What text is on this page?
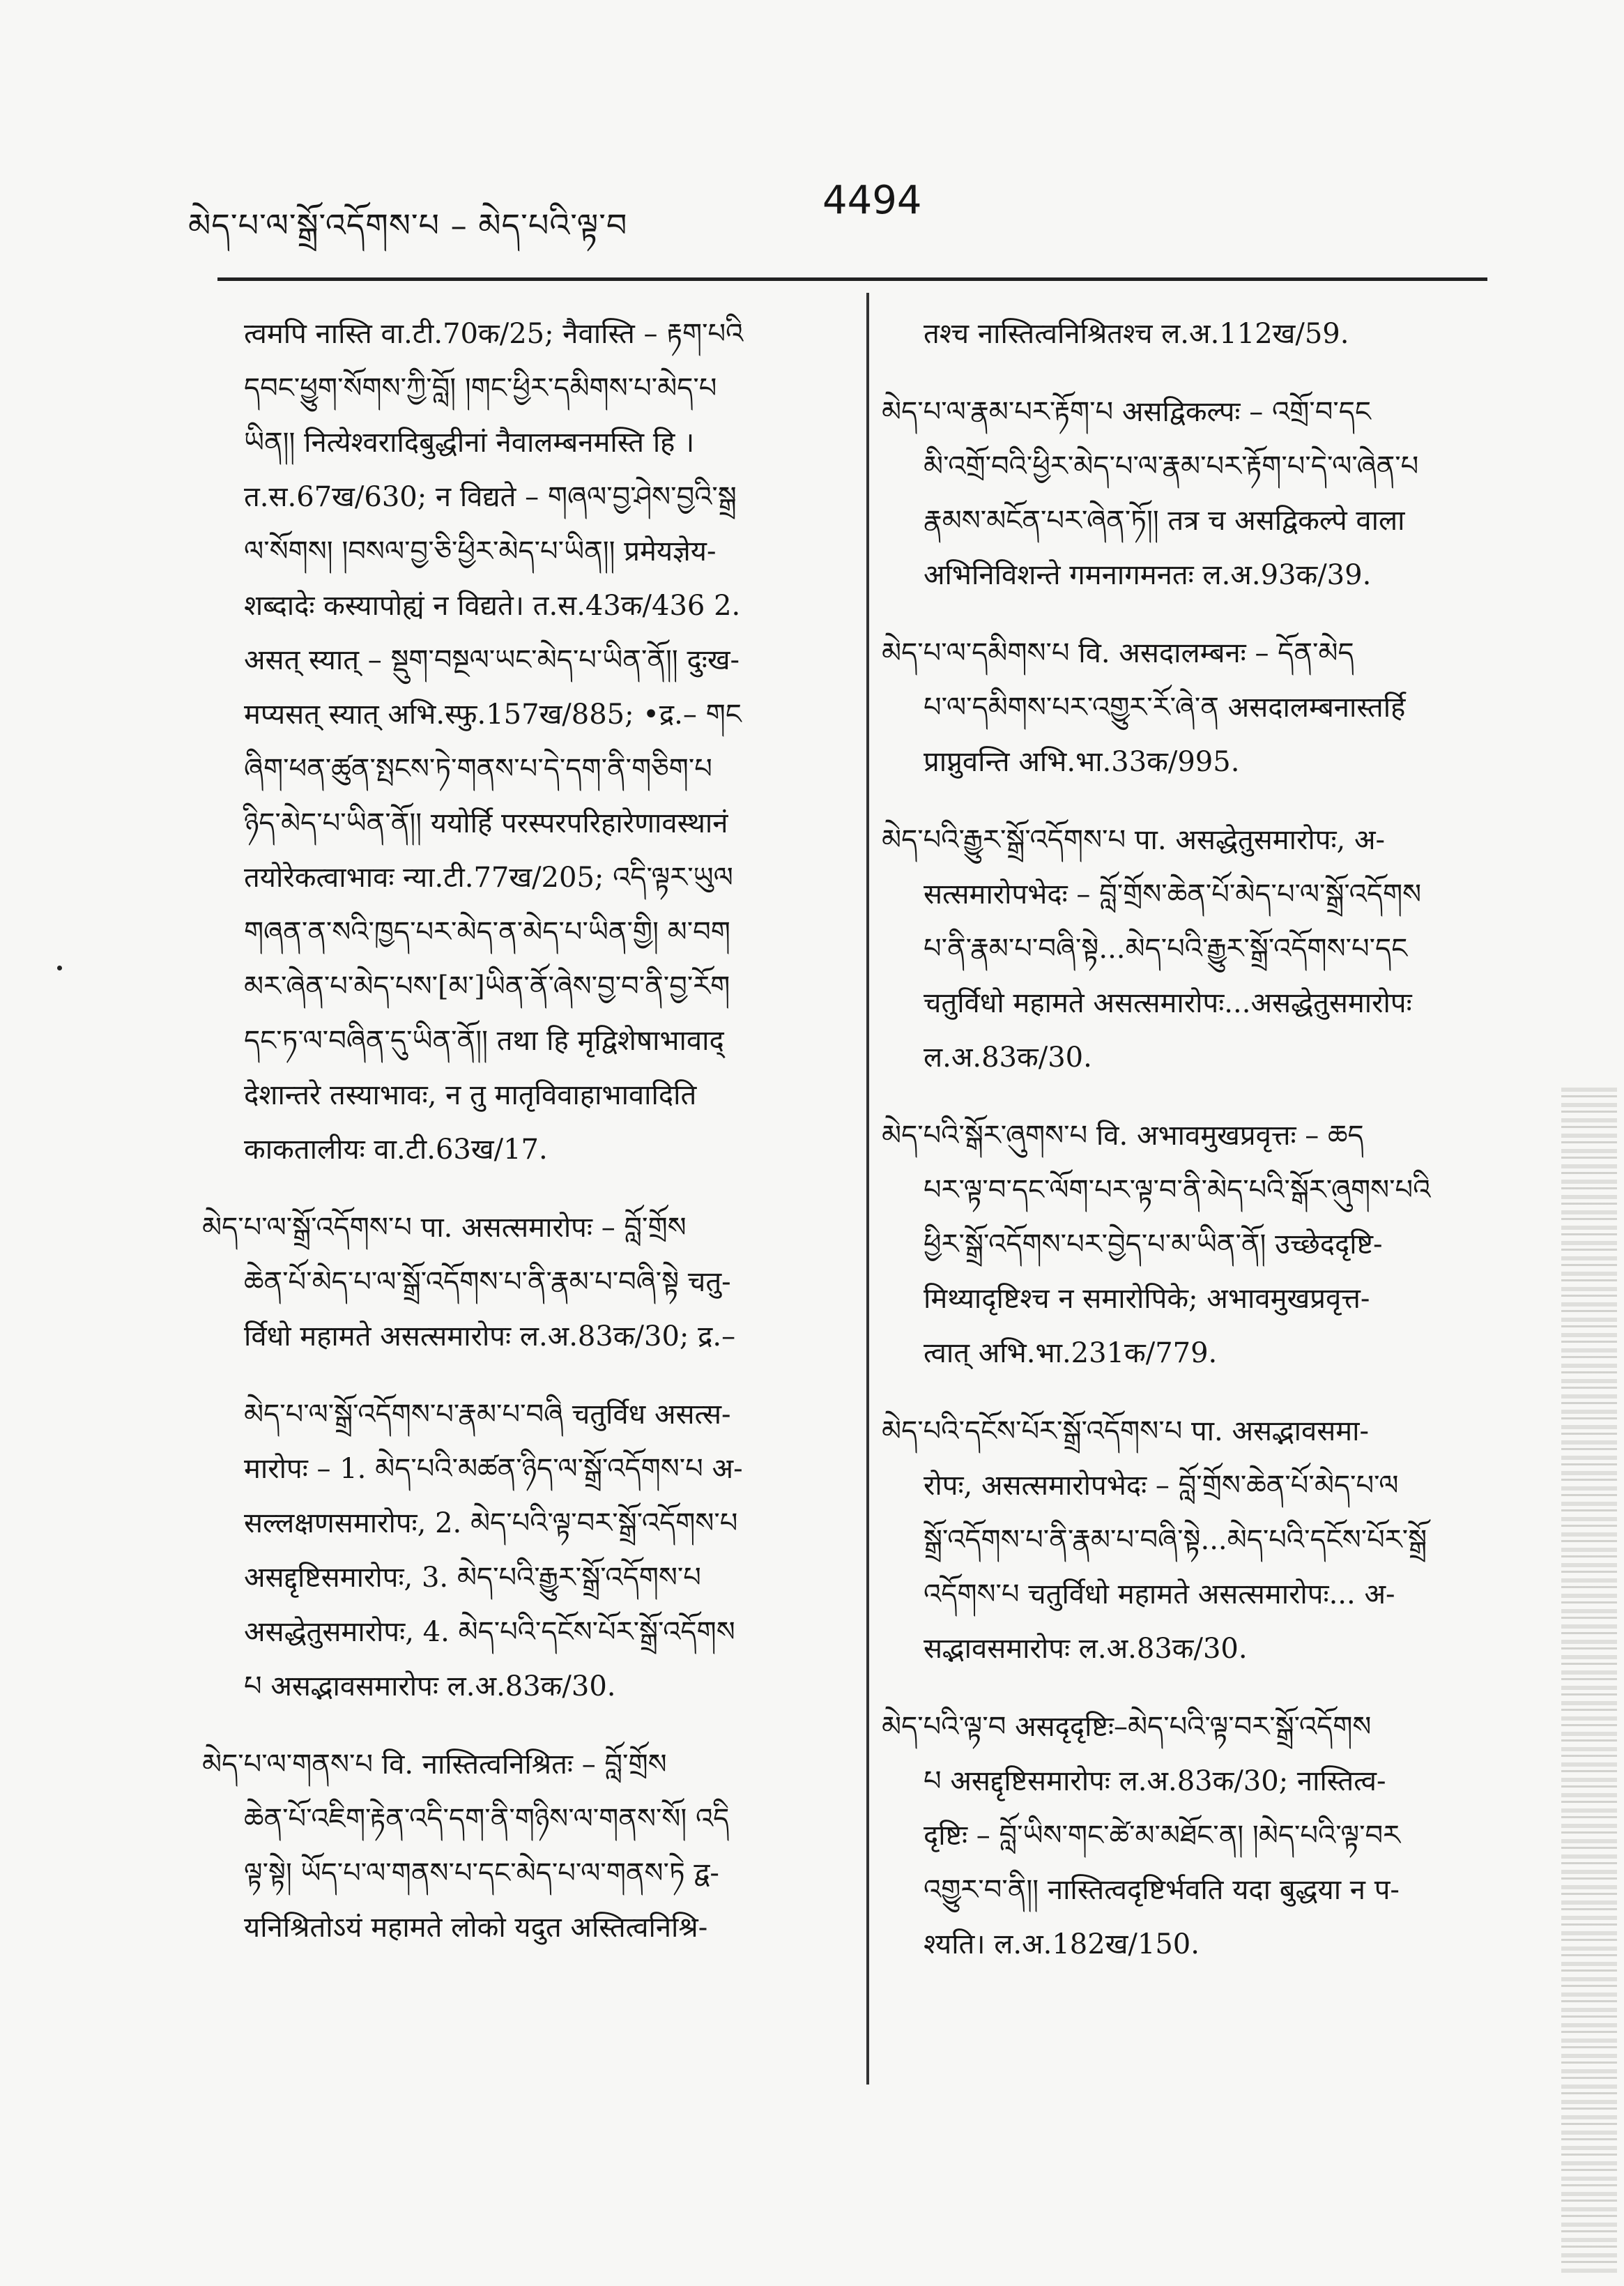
མེད་པ་ལ་སྒྲོ་འདོགས་པ – མེད་པའི་ལྟ་བ
4494
त्वमपि नास्ति वा.टी.70क/25; नैवास्ति – རྟག་པའི
དབང་ཕྱུག་སོགས་ཀྱི་བློ། །གང་ཕྱིར་དམིགས་པ་མེད་པ
ཡིན།། नित्येश्वरादिबुद्धीनां नैवालम्बनमस्ति हि ।
त.स.67ख/630; न विद्यते – གཞལ་བྱ་ཤེས་བྱའི་སྒྲ
ལ་སོགས། །བསལ་བྱ་ཅི་ཕྱིར་མེད་པ་ཡིན།། प्रमेयज्ञेय-
शब्दादेः कस्यापोह्यं न विद्यते। त.स.43क/436 2.
असत् स्यात् – སྡུག་བསྔལ་ཡང་མེད་པ་ཡིན་ནོ།། दुःख-
मप्यसत् स्यात् अभि.स्फु.157ख/885; •द्र.– གང
ཞིག་ཕན་ཚུན་སྤངས་ཏེ་གནས་པ་དེ་དག་ནི་གཅིག་པ
ཉིད་མེད་པ་ཡིན་ནོ།། ययोर्हि परस्परपरिहारेणावस्थानं
तयोरेकत्वाभावः न्या.टी.77ख/205; འདི་ལྟར་ཡུལ
གཞན་ན་སའི་ཁྱད་པར་མེད་ན་མེད་པ་ཡིན་གྱི། མ་བག
མར་ཞེན་པ་མེད་པས་[མ་]ཡིན་ནོ་ཞེས་བྱ་བ་ནི་བྱ་རོག
དང་ཏ་ལ་བཞིན་དུ་ཡིན་ནོ།། तथा हि मृद्विशेषाभावाद्
देशान्तरे तस्याभावः, न तु मातृविवाहाभावादिति
काकतालीयः वा.टी.63ख/17.
མེད་པ་ལ་སྒྲོ་འདོགས་པ पा. असत्समारोपः – བློ་གྲོས
ཆེན་པོ་མེད་པ་ལ་སྒྲོ་འདོགས་པ་ནི་རྣམ་པ་བཞི་སྟེ चतु-
र्विधो महामते असत्समारोपः ल.अ.83क/30; द्र.–
མེད་པ་ལ་སྒྲོ་འདོགས་པ་རྣམ་པ་བཞི चतुर्विध असत्स-
मारोपः – 1. མེད་པའི་མཚན་ཉིད་ལ་སྒྲོ་འདོགས་པ अ-
सल्लक्षणसमारोपः, 2. མེད་པའི་ལྟ་བར་སྒྲོ་འདོགས་པ
असद्दृष्टिसमारोपः, 3. མེད་པའི་རྒྱུར་སྒྲོ་འདོགས་པ
असद्धेतुसमारोपः, 4. མེད་པའི་དངོས་པོར་སྒྲོ་འདོགས
པ असद्भावसमारोपः ल.अ.83क/30.
མེད་པ་ལ་གནས་པ वि. नास्तित्वनिश्रितः – བློ་གྲོས
ཆེན་པོ་འཇིག་རྟེན་འདི་དག་ནི་གཉིས་ལ་གནས་སོ། འདི
ལྟ་སྟེ། ཡོད་པ་ལ་གནས་པ་དང་མེད་པ་ལ་གནས་ཏེ द्व-
यनिश्रितोऽयं महामते लोको यदुत अस्तित्वनिश्रि-
तश्च नास्तित्वनिश्रितश्च ल.अ.112ख/59.
མེད་པ་ལ་རྣམ་པར་རྟོག་པ असद्विकल्पः – འགྲོ་བ་དང
མི་འགྲོ་བའི་ཕྱིར་མེད་པ་ལ་རྣམ་པར་རྟོག་པ་དེ་ལ་ཞེན་པ
རྣམས་མངོན་པར་ཞེན་ཏོ།། तत्र च असद्विकल्पे वाला
अभिनिविशन्ते गमनागमनतः ल.अ.93क/39.
མེད་པ་ལ་དམིགས་པ वि. असदालम्बनः – དོན་མེད
པ་ལ་དམིགས་པར་འགྱུར་རོ་ཞེ་ན असदालम्बनास्तर्हि
प्राप्नुवन्ति अभि.भा.33क/995.
མེད་པའི་རྒྱུར་སྒྲོ་འདོགས་པ पा. असद्धेतुसमारोपः, अ-
सत्समारोपभेदः – བློ་གྲོས་ཆེན་པོ་མེད་པ་ལ་སྒྲོ་འདོགས
པ་ནི་རྣམ་པ་བཞི་སྟེ...མེད་པའི་རྒྱུར་སྒྲོ་འདོགས་པ་དང
चतुर्विधो महामते असत्समारोपः...असद्धेतुसमारोपः
ल.अ.83क/30.
མེད་པའི་སྒོར་ཞུགས་པ वि. अभावमुखप्रवृत्तः – ཆད
པར་ལྟ་བ་དང་ལོག་པར་ལྟ་བ་ནི་མེད་པའི་སྒོར་ཞུགས་པའི
ཕྱིར་སྒྲོ་འདོགས་པར་བྱེད་པ་མ་ཡིན་ནོ། उच्छेददृष्टि-
मिथ्यादृष्टिश्च न समारोपिके; अभावमुखप्रवृत्त-
त्वात् अभि.भा.231क/779.
མེད་པའི་དངོས་པོར་སྒྲོ་འདོགས་པ पा. असद्भावसमा-
रोपः, असत्समारोपभेदः – བློ་གྲོས་ཆེན་པོ་མེད་པ་ལ
སྒྲོ་འདོགས་པ་ནི་རྣམ་པ་བཞི་སྟེ...མེད་པའི་དངོས་པོར་སྒྲོ
འདོགས་པ चतुर्विधो महामते असत्समारोपः... अ-
सद्भावसमारोपः ल.अ.83क/30.
མེད་པའི་ལྟ་བ असदृदृष्टिः–མེད་པའི་ལྟ་བར་སྒྲོ་འདོགས
པ असद्दृष्टिसमारोपः ल.अ.83क/30; नास्तित्व-
दृष्टिः – བློ་ཡིས་གང་ཚེ་མ་མཐོང་ན། །མེད་པའི་ལྟ་བར
འགྱུར་བ་ནི།། नास्तित्वदृष्टिर्भवति यदा बुद्धया न प-
श्यति। ल.अ.182ख/150.
